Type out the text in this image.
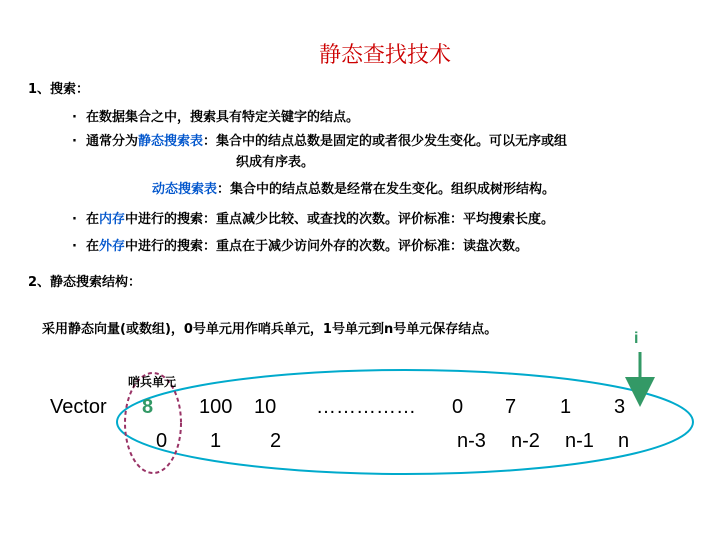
静态查找技术
1、搜索：
· 在数据集合之中，搜索具有特定关键字的结点。
· 通常分为静态搜索表：集合中的结点总数是固定的或者很少发生变化。可以无序或组
织成有序表。
动态搜索表：集合中的结点总数是经常在发生变化。组织成树形结构。
· 在内存中进行的搜索：重点减少比较、或查找的次数。评价标准：平均搜索长度。
· 在外存中进行的搜索：重点在于减少访问外存的次数。评价标准：读盘次数。
2、静态搜索结构：
采用静态向量(或数组)，0号单元用作哨兵单元，1号单元到n号单元保存结点。
i
哨兵单元
Vector 8 100 10 …………… 0 7 1 3
0 1 2	n-3 n-2 n-1 n
